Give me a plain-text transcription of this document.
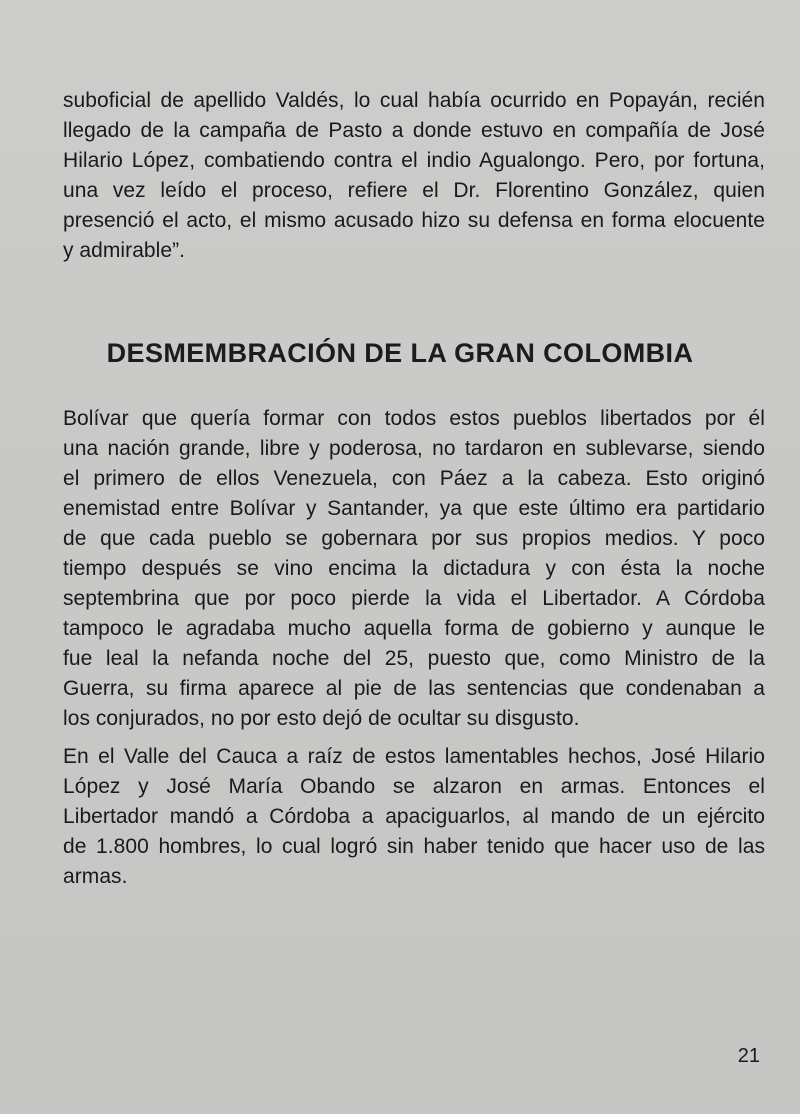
suboficial de apellido Valdés, lo cual había ocurrido en Popayán, recién
llegado de la campaña de Pasto a donde estuvo en compañía de José
Hilario López, combatiendo contra el indio Agualongo. Pero, por fortuna,
una vez leído el proceso, refiere el Dr. Florentino González, quien
presenció el acto, el mismo acusado hizo su defensa en forma elocuente
y admirable”.

DESMEMBRACIÓN DE LA GRAN COLOMBIA

Bolívar que quería formar con todos estos pueblos libertados por él
una nación grande, libre y poderosa, no tardaron en sublevarse, siendo
el primero de ellos Venezuela, con Páez a la cabeza. Esto originó
enemistad entre Bolívar y Santander, ya que este último era partidario
de que cada pueblo se gobernara por sus propios medios. Y poco
tiempo después se vino encima la dictadura y con ésta la noche
septembrina que por poco pierde la vida el Libertador. A Córdoba
tampoco le agradaba mucho aquella forma de gobierno y aunque le
fue leal la nefanda noche del 25, puesto que, como Ministro de la
Guerra, su firma aparece al pie de las sentencias que condenaban a
los conjurados, no por esto dejó de ocultar su disgusto.

En el Valle del Cauca a raíz de estos lamentables hechos, José Hilario
López y José María Obando se alzaron en armas. Entonces el
Libertador mandó a Córdoba a apaciguarlos, al mando de un ejército
de 1.800 hombres, lo cual logró sin haber tenido que hacer uso de las
armas.

21
